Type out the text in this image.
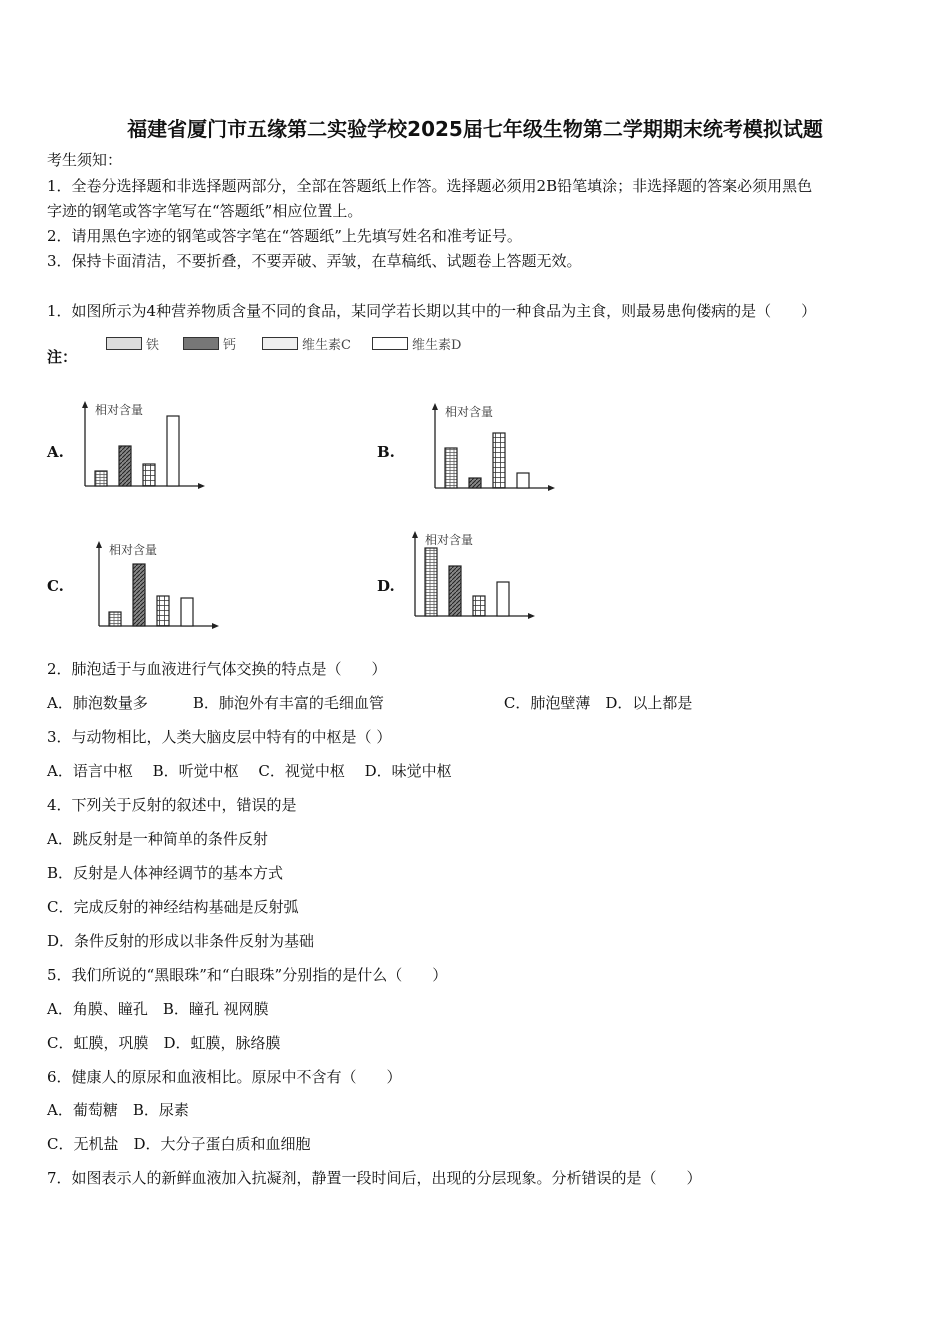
福建省厦门市五缘第二实验学校2025届七年级生物第二学期期末统考模拟试题
考生须知：
1．全卷分选择题和非选择题两部分，全部在答题纸上作答。选择题必须用2B铅笔填涂；非选择题的答案必须用黑色
字迹的钢笔或答字笔写在“答题纸”相应位置上。
2．请用黑色字迹的钢笔或答字笔在“答题纸”上先填写姓名和准考证号。
3．保持卡面清洁，不要折叠，不要弄破、弄皱，在草稿纸、试题卷上答题无效。
1．如图所示为4种营养物质含量不同的食品，某同学若长期以其中的一种食品为主食，则最易患佝偻病的是（　　）
注：
铁	钙	维生素C	维生素D
A.	B.
C.	D.
相对含量	相对含量
相对含量
相对含量
2．肺泡适于与血液进行气体交换的特点是（　　）
A．肺泡数量多　　　B．肺泡外有丰富的毛细血管　　　　　　　　C．肺泡壁薄　D．以上都是
3．与动物相比，人类大脑皮层中特有的中枢是（ ）
A．语言中枢　 B．听觉中枢　 C．视觉中枢　 D．味觉中枢
4．下列关于反射的叙述中，错误的是
A．跳反射是一种简单的条件反射
B．反射是人体神经调节的基本方式
C．完成反射的神经结构基础是反射弧
D．条件反射的形成以非条件反射为基础
5．我们所说的“黑眼珠”和“白眼珠”分别指的是什么（　　）
A．角膜、瞳孔　B．瞳孔 视网膜
C．虹膜，巩膜　D．虹膜，脉络膜
6．健康人的原尿和血液相比。原尿中不含有（　　）
A．葡萄糖　B．尿素
C．无机盐　D．大分子蛋白质和血细胞
7．如图表示人的新鲜血液加入抗凝剂，静置一段时间后，出现的分层现象。分析错误的是（　　）
